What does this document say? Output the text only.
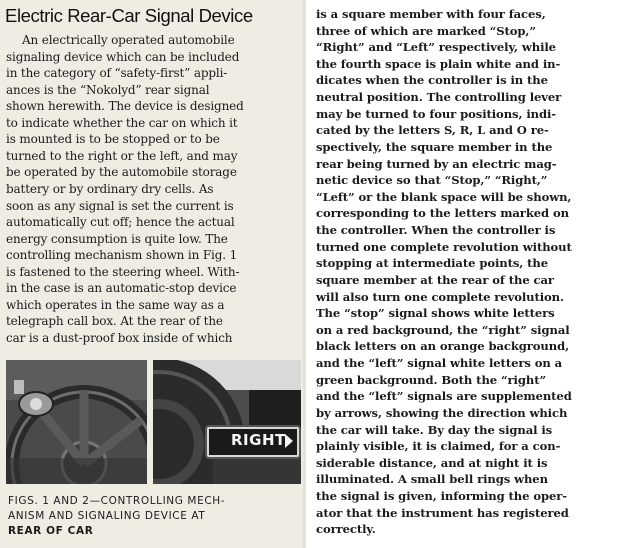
Electric Rear-Car Signal Device
An electrically operated automobile
signaling device which can be included
in the category of “safety-first” appli-
ances is the “Nokolyd” rear signal
shown herewith. The device is designed
to indicate whether the car on which it
is mounted is to be stopped or to be
turned to the right or the left, and may
be operated by the automobile storage
battery or by ordinary dry cells. As
soon as any signal is set the current is
automatically cut off; hence the actual
energy consumption is quite low. The
controlling mechanism shown in Fig. 1
is fastened to the steering wheel. With-
in the case is an automatic-stop device
which operates in the same way as a
telegraph call box. At the rear of the
car is a dust-proof box inside of which
RIGHT
FIGS. 1 AND 2—CONTROLLING MECH-
ANISM AND SIGNALING DEVICE AT
REAR OF CAR
is a square member with four faces,
three of which are marked “Stop,”
“Right” and “Left” respectively, while
the fourth space is plain white and in-
dicates when the controller is in the
neutral position. The controlling lever
may be turned to four positions, indi-
cated by the letters S, R, L and O re-
spectively, the square member in the
rear being turned by an electric mag-
netic device so that “Stop,” “Right,”
“Left” or the blank space will be shown,
corresponding to the letters marked on
the controller. When the controller is
turned one complete revolution without
stopping at intermediate points, the
square member at the rear of the car
will also turn one complete revolution.
The “stop” signal shows white letters
on a red background, the “right” signal
black letters on an orange background,
and the “left” signal white letters on a
green background. Both the “right”
and the “left” signals are supplemented
by arrows, showing the direction which
the car will take. By day the signal is
plainly visible, it is claimed, for a con-
siderable distance, and at night it is
illuminated. A small bell rings when
the signal is given, informing the oper-
ator that the instrument has registered
correctly.
